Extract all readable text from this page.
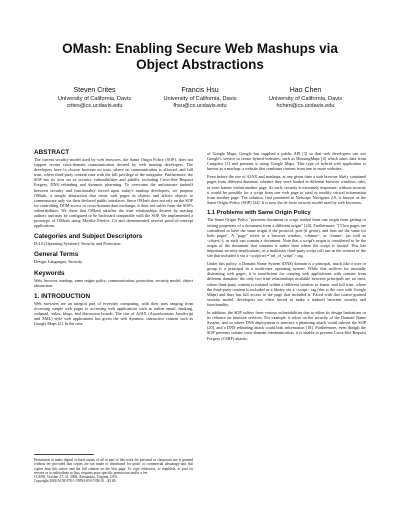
OMash: Enabling Secure Web Mashups via Object Abstractions
Steven Crites
University of California, Davis
crites@cs.ucdavis.edu
Francis Hsu
University of California, Davis
fhsu@cs.ucdavis.edu
Hao Chen
University of California, Davis
hchen@cs.ucdavis.edu
ABSTRACT

The current security model used by web browsers, the Same Origin Policy (SOP), does not support secure cross-domain communication desired by web mashup developers. The developers have to choose between no trust, where no communication is allowed, and full trust, where third-party content runs with the full privilege of the integrator. Furthermore, the SOP has its own set of security vulnerabilities and pitfalls, including Cross-Site Request Forgery, DNS rebinding and dynamic pharming. To overcome the unfortunate tradeoff between security and functionality forced upon today's mashup developers, we propose OMash, a simple abstraction that treats web pages as objects and allows objects to communicate only via their declared public interfaces. Since OMash does not rely on the SOP for controlling DOM access or cross-domain data exchange, it does not suffer from the SOP's vulnerabilities. We show that OMash satisfies the trust relationships desired by mashup authors and may be configured to be backward compatible with the SOP. We implemented a prototype of OMash using Mozilla Firefox 2.0 and demonstrated several proof-of-concept applications.

Categories and Subject Descriptors

D.4.6 [Operating Systems]: Security and Protection

General Terms

Design, Languages, Security.

Keywords

Web, browser, mashup, same origin policy, communication, protection, security model, object abstraction.

1. INTRODUCTION

Web browsers are an integral part of everyday computing, with their uses ranging from accessing simple web pages to accessing web applications such as online email, banking, webmail, wikis, blogs, and discussion boards. The rise of AJAX (Asynchronous JavaScript and XML) style web applications has given the web dynamic, interactive content such as Google Maps [2]. In the case

Permission to make digital or hard copies of all or part of this work for personal or classroom use is granted without fee provided that copies are not made or distributed for profit or commercial advantage and that copies bear this notice and the full citation on the first page. To copy otherwise, to republish, to post on servers or to redistribute to lists, requires prior specific permission and/or a fee.

CCS'08, October 27–31, 2008, Alexandria, Virginia, USA.

Copyright 2008 ACM 978-1-59593-810-7/08/10 ...$5.00.

of Google Maps, Google has supplied a public API [3] so that web developers can use Google's service to create hybrid websites, such as HousingMaps [4] which takes data from Craigslist [1] and presents it using Google Maps. This type of hybrid web application is known as a mashup: a website that combines content from one or more websites.

Even before the rise of AJAX and mashups, at any given time a web browser likely contained pages from different domains, whether they were loaded in different browser windows, tabs, or even frames within another page. As such, security is extremely important: without security it would be possible for a script from one web page to steal or modify critical information from another page. The solution, first presented in Netscape Navigator 2.0, is known as the Same Origin Policy (SOP) [24]. It is now the de facto security model used by web browsers.

1.1 Problems with Same Origin Policy

The Same Origin Policy "prevents document or script loaded from one origin from getting or setting properties of a document from a different origin" [24]. Furthermore, "[T]wo pages are considered to have the same origin if the protocol, port (if given), and host are the same for both pages". A "page" refers to a browser window, <iframe>, or <frame> (as well as <object>), as each can contain a document. Note that a script's origin is considered to be the origin of the document that contains it rather than where the script is hosted. This has important security implications, as a malicious third-party script will run in the context of the site that included it via a <script src="url_of_script"> tag.

Under this policy, a Domain Name System (DNS) domain is a principal, much like a user or group is a principal in a multi-user operating system. While this suffices for mutually distrusting web pages, it is insufficient for creating web applications with content from different domains: the only two trust relationships available between principals are no trust, where third-party content is isolated within a different window or frame, and full trust, where the third-party content is included as a library via a <script> tag (this is the case with Google Maps) and thus has full access to the page that included it. Faced with this coarse-grained security model, developers are often forced to make a tradeoff between security and functionality.

In addition, the SOP suffers from various vulnerabilities due to either its design limitations or its reliance on insecure services. For example, it relies on the security of the Domain Name System, and so where DNS deployment is insecure a pharming attack could subvert the SOP [20], and a DNS rebinding attack could leak information [18]. Furthermore, even though the SOP prevents certain cross-domain communication, it is unable to prevent Cross-Site Request Forgery (CSRF) attacks.
